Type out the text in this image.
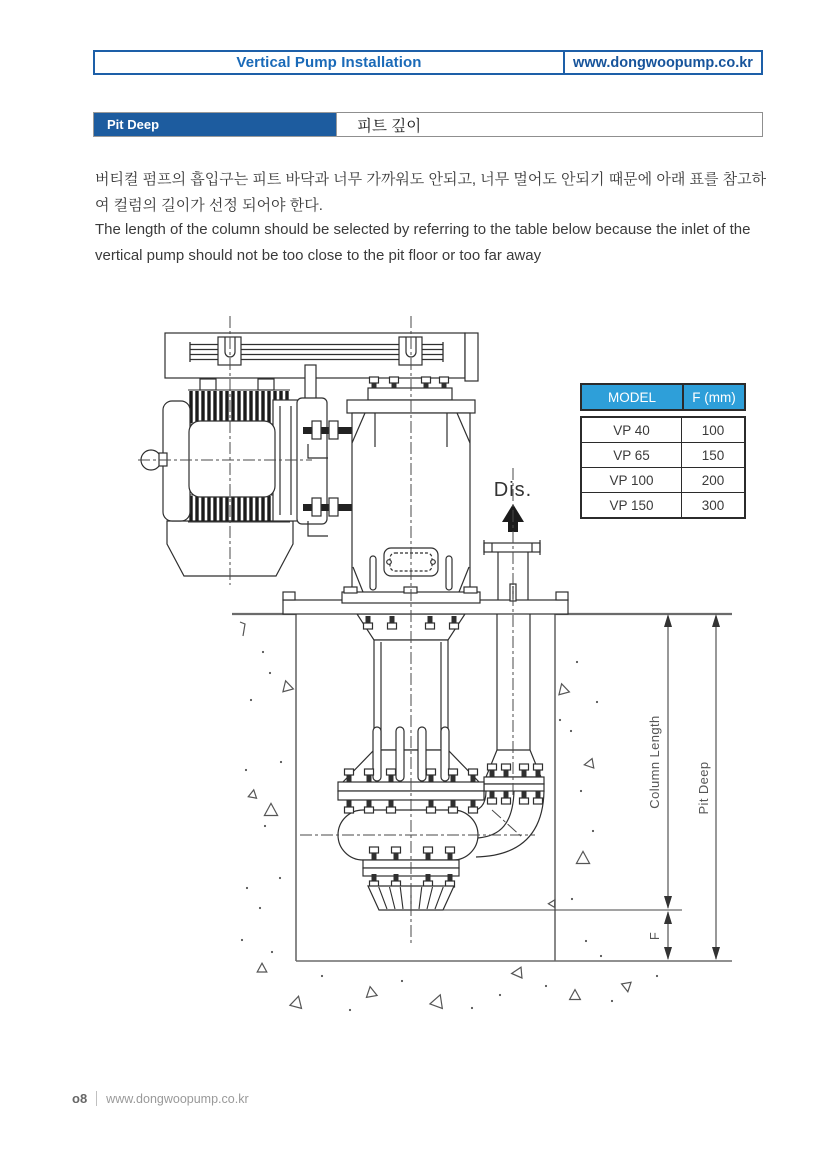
Vertical Pump Installation	www.dongwoopump.co.kr
Pit Deep	피트 깊이

버티컬 펌프의 흡입구는 피트 바닥과 너무 가까워도 안되고, 너무 멀어도 안되기 때문에 아래 표를 참고하여 컬럼의 길이가 선정 되어야 한다.

The length of the column should be selected by referring to the table below because the inlet of the vertical pump should not be too close to the pit floor or too far away

Column Length	Pit Deep
F
Dis.
MODEL	F (mm)
VP 40	100
VP 65	150
VP 100	200
VP 150	300
o8 www.dongwoopump.co.kr
